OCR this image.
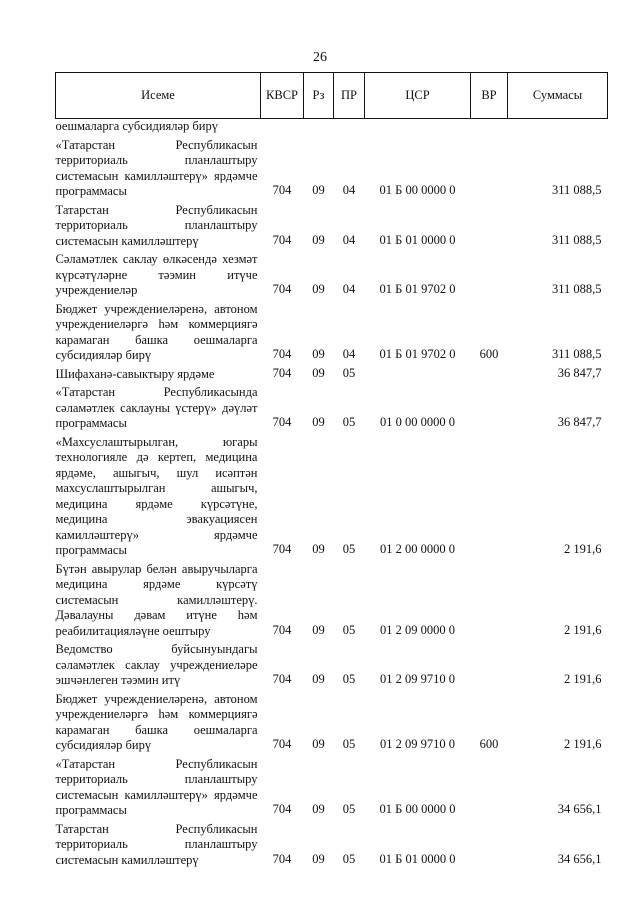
26
Исеме	КВСР	Рз	ПР	ЦСР	ВР	Суммасы
оешмаларга субсидияләр бирү						
«Татарстан Республикасын территориаль планлаштыру системасын камилләштерү» ярдәмче программасы	704	09	04	01 Б 00 0000 0		311 088,5
Татарстан Республикасын территориаль планлаштыру системасын камилләштерү	704	09	04	01 Б 01 0000 0		311 088,5
Сәламәтлек саклау өлкәсендә хезмәт күрсәтүләрне тәэмин итүче учреждениеләр	704	09	04	01 Б 01 9702 0		311 088,5
Бюджет учреждениеләренә, автоном учреждениеләргә һәм коммерциягә карамаган башка оешмаларга субсидияләр бирү	704	09	04	01 Б 01 9702 0	600	311 088,5
Шифаханә-савыктыру ярдәме	704	09	05			36 847,7
«Татарстан Республикасында сәламәтлек саклауны үстерү» дәүләт программасы	704	09	05	01 0 00 0000 0		36 847,7
«Махсуслаштырылган, югары технологияле дә кертеп, медицина ярдәме, ашыгыч, шул исәптән махсуслаштырылган ашыгыч, медицина ярдәме күрсәтүне, медицина эвакуациясен камилләштерү» ярдәмче программасы	704	09	05	01 2 00 0000 0		2 191,6
Бүтән авырулар белән авыручыларга медицина ярдәме күрсәтү системасын камилләштерү. Дәвалауны дәвам итүне һәм реабилитацияләүне оештыру	704	09	05	01 2 09 0000 0		2 191,6
Ведомство буйсынуындагы сәламәтлек саклау учреждениеләре эшчәнлеген тәэмин итү	704	09	05	01 2 09 9710 0		2 191,6
Бюджет учреждениеләренә, автоном учреждениеләргә һәм коммерциягә карамаган башка оешмаларга субсидияләр бирү	704	09	05	01 2 09 9710 0	600	2 191,6
«Татарстан Республикасын территориаль планлаштыру системасын камилләштерү» ярдәмче программасы	704	09	05	01 Б 00 0000 0		34 656,1
Татарстан Республикасын территориаль планлаштыру системасын камилләштерү	704	09	05	01 Б 01 0000 0		34 656,1
